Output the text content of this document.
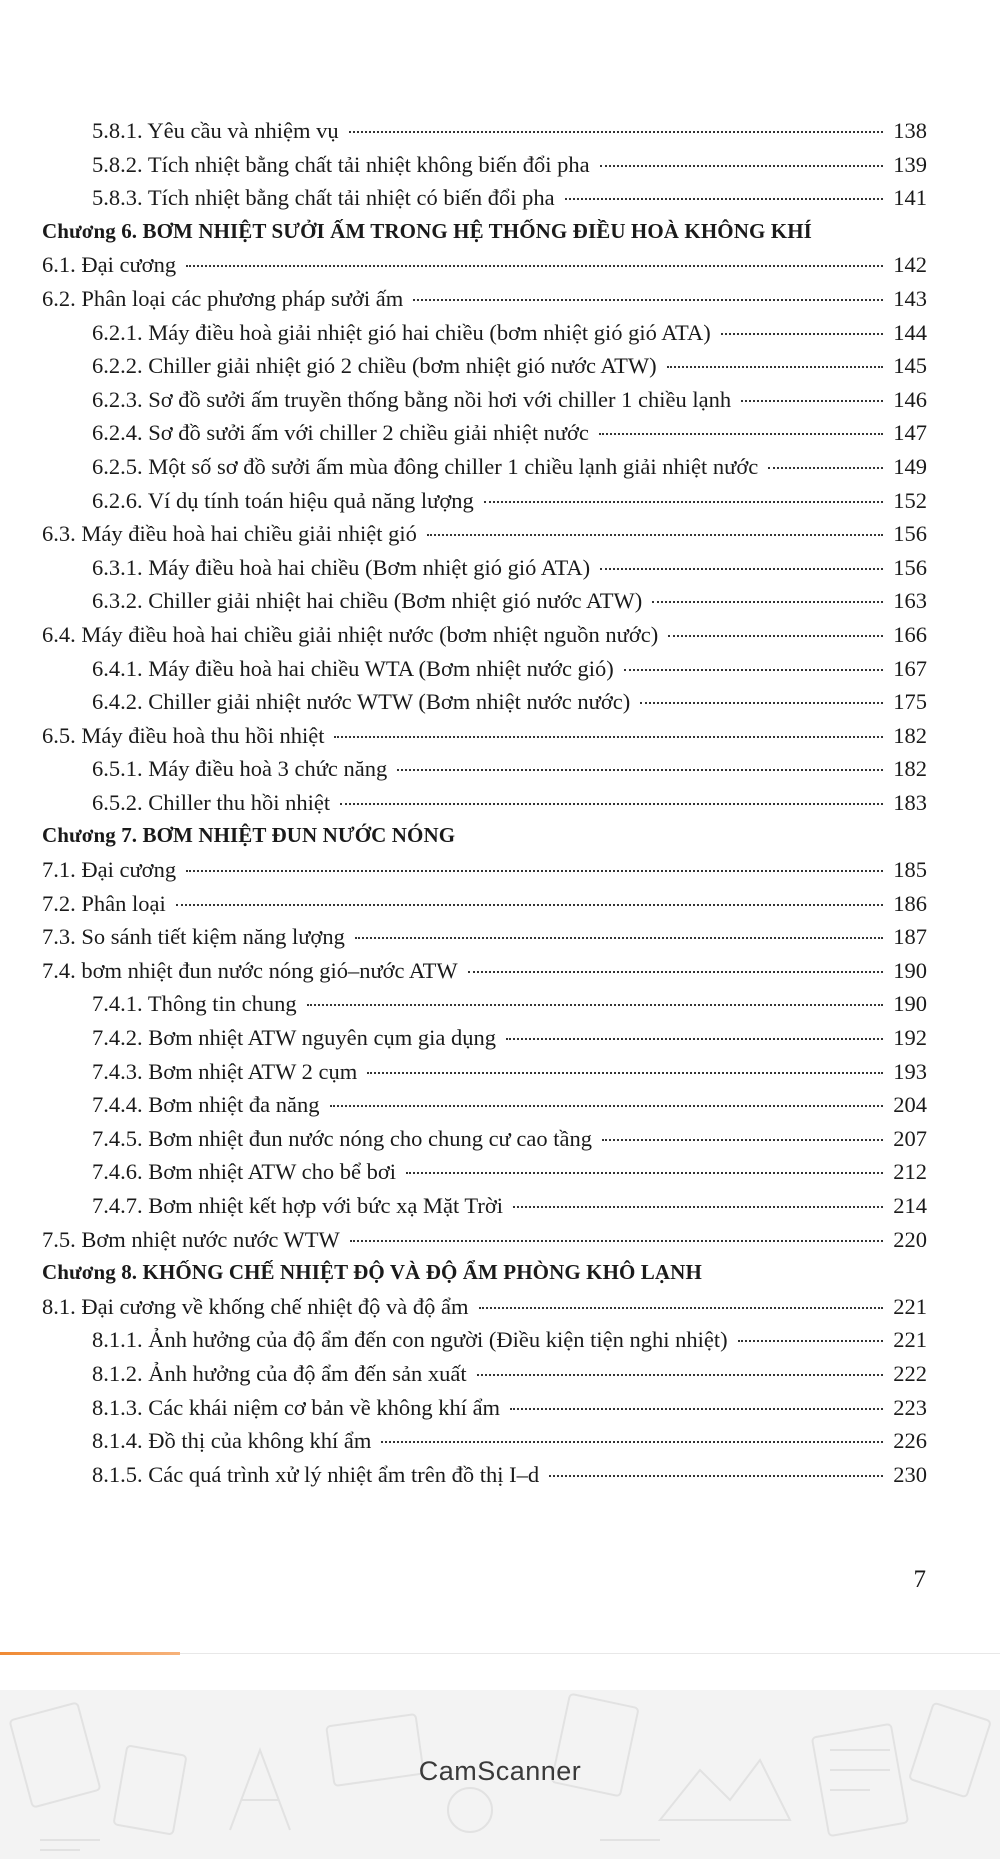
5.8.1. Yêu cầu và nhiệm vụ	138
5.8.2. Tích nhiệt bằng chất tải nhiệt không biến đổi pha	139
5.8.3. Tích nhiệt bằng chất tải nhiệt có biến đổi pha	141
Chương 6. BƠM NHIỆT SƯỞI ẤM TRONG HỆ THỐNG ĐIỀU HOÀ KHÔNG KHÍ
6.1. Đại cương	142
6.2. Phân loại các phương pháp sưởi ấm	143
6.2.1. Máy điều hoà giải nhiệt gió hai chiều (bơm nhiệt gió gió ATA)	144
6.2.2. Chiller giải nhiệt gió 2 chiều (bơm nhiệt gió nước ATW)	145
6.2.3. Sơ đồ sưởi ấm truyền thống bằng nồi hơi với chiller 1 chiều lạnh	146
6.2.4. Sơ đồ sưởi ấm với chiller 2 chiều giải nhiệt nước	147
6.2.5. Một số sơ đồ sưởi ấm mùa đông chiller 1 chiều lạnh giải nhiệt nước	149
6.2.6. Ví dụ tính toán hiệu quả năng lượng	152
6.3. Máy điều hoà hai chiều giải nhiệt gió	156
6.3.1. Máy điều hoà hai chiều (Bơm nhiệt gió gió ATA)	156
6.3.2. Chiller giải nhiệt hai chiều (Bơm nhiệt gió nước ATW)	163
6.4. Máy điều hoà hai chiều giải nhiệt nước (bơm nhiệt nguồn nước)	166
6.4.1. Máy điều hoà hai chiều WTA (Bơm nhiệt nước gió)	167
6.4.2. Chiller giải nhiệt nước WTW (Bơm nhiệt nước nước)	175
6.5. Máy điều hoà thu hồi nhiệt	182
6.5.1. Máy điều hoà 3 chức năng	182
6.5.2. Chiller thu hồi nhiệt	183
Chương 7. BƠM NHIỆT ĐUN NƯỚC NÓNG
7.1. Đại cương	185
7.2. Phân loại	186
7.3. So sánh tiết kiệm năng lượng	187
7.4. bơm nhiệt đun nước nóng gió–nước ATW	190
7.4.1. Thông tin chung	190
7.4.2. Bơm nhiệt ATW nguyên cụm gia dụng	192
7.4.3. Bơm nhiệt ATW 2 cụm	193
7.4.4. Bơm nhiệt đa năng	204
7.4.5. Bơm nhiệt đun nước nóng cho chung cư cao tầng	207
7.4.6. Bơm nhiệt ATW cho bể bơi	212
7.4.7. Bơm nhiệt kết hợp với bức xạ Mặt Trời	214
7.5. Bơm nhiệt nước nước WTW	220
Chương 8. KHỐNG CHẾ NHIỆT ĐỘ VÀ ĐỘ ẨM PHÒNG KHÔ LẠNH
8.1. Đại cương về khống chế nhiệt độ và độ ẩm	221
8.1.1. Ảnh hưởng của độ ẩm đến con người (Điều kiện tiện nghi nhiệt)	221
8.1.2. Ảnh hưởng của độ ẩm đến sản xuất	222
8.1.3. Các khái niệm cơ bản về không khí ẩm	223
8.1.4. Đồ thị của không khí ẩm	226
8.1.5. Các quá trình xử lý nhiệt ẩm trên đồ thị I–d	230
7
CamScanner
